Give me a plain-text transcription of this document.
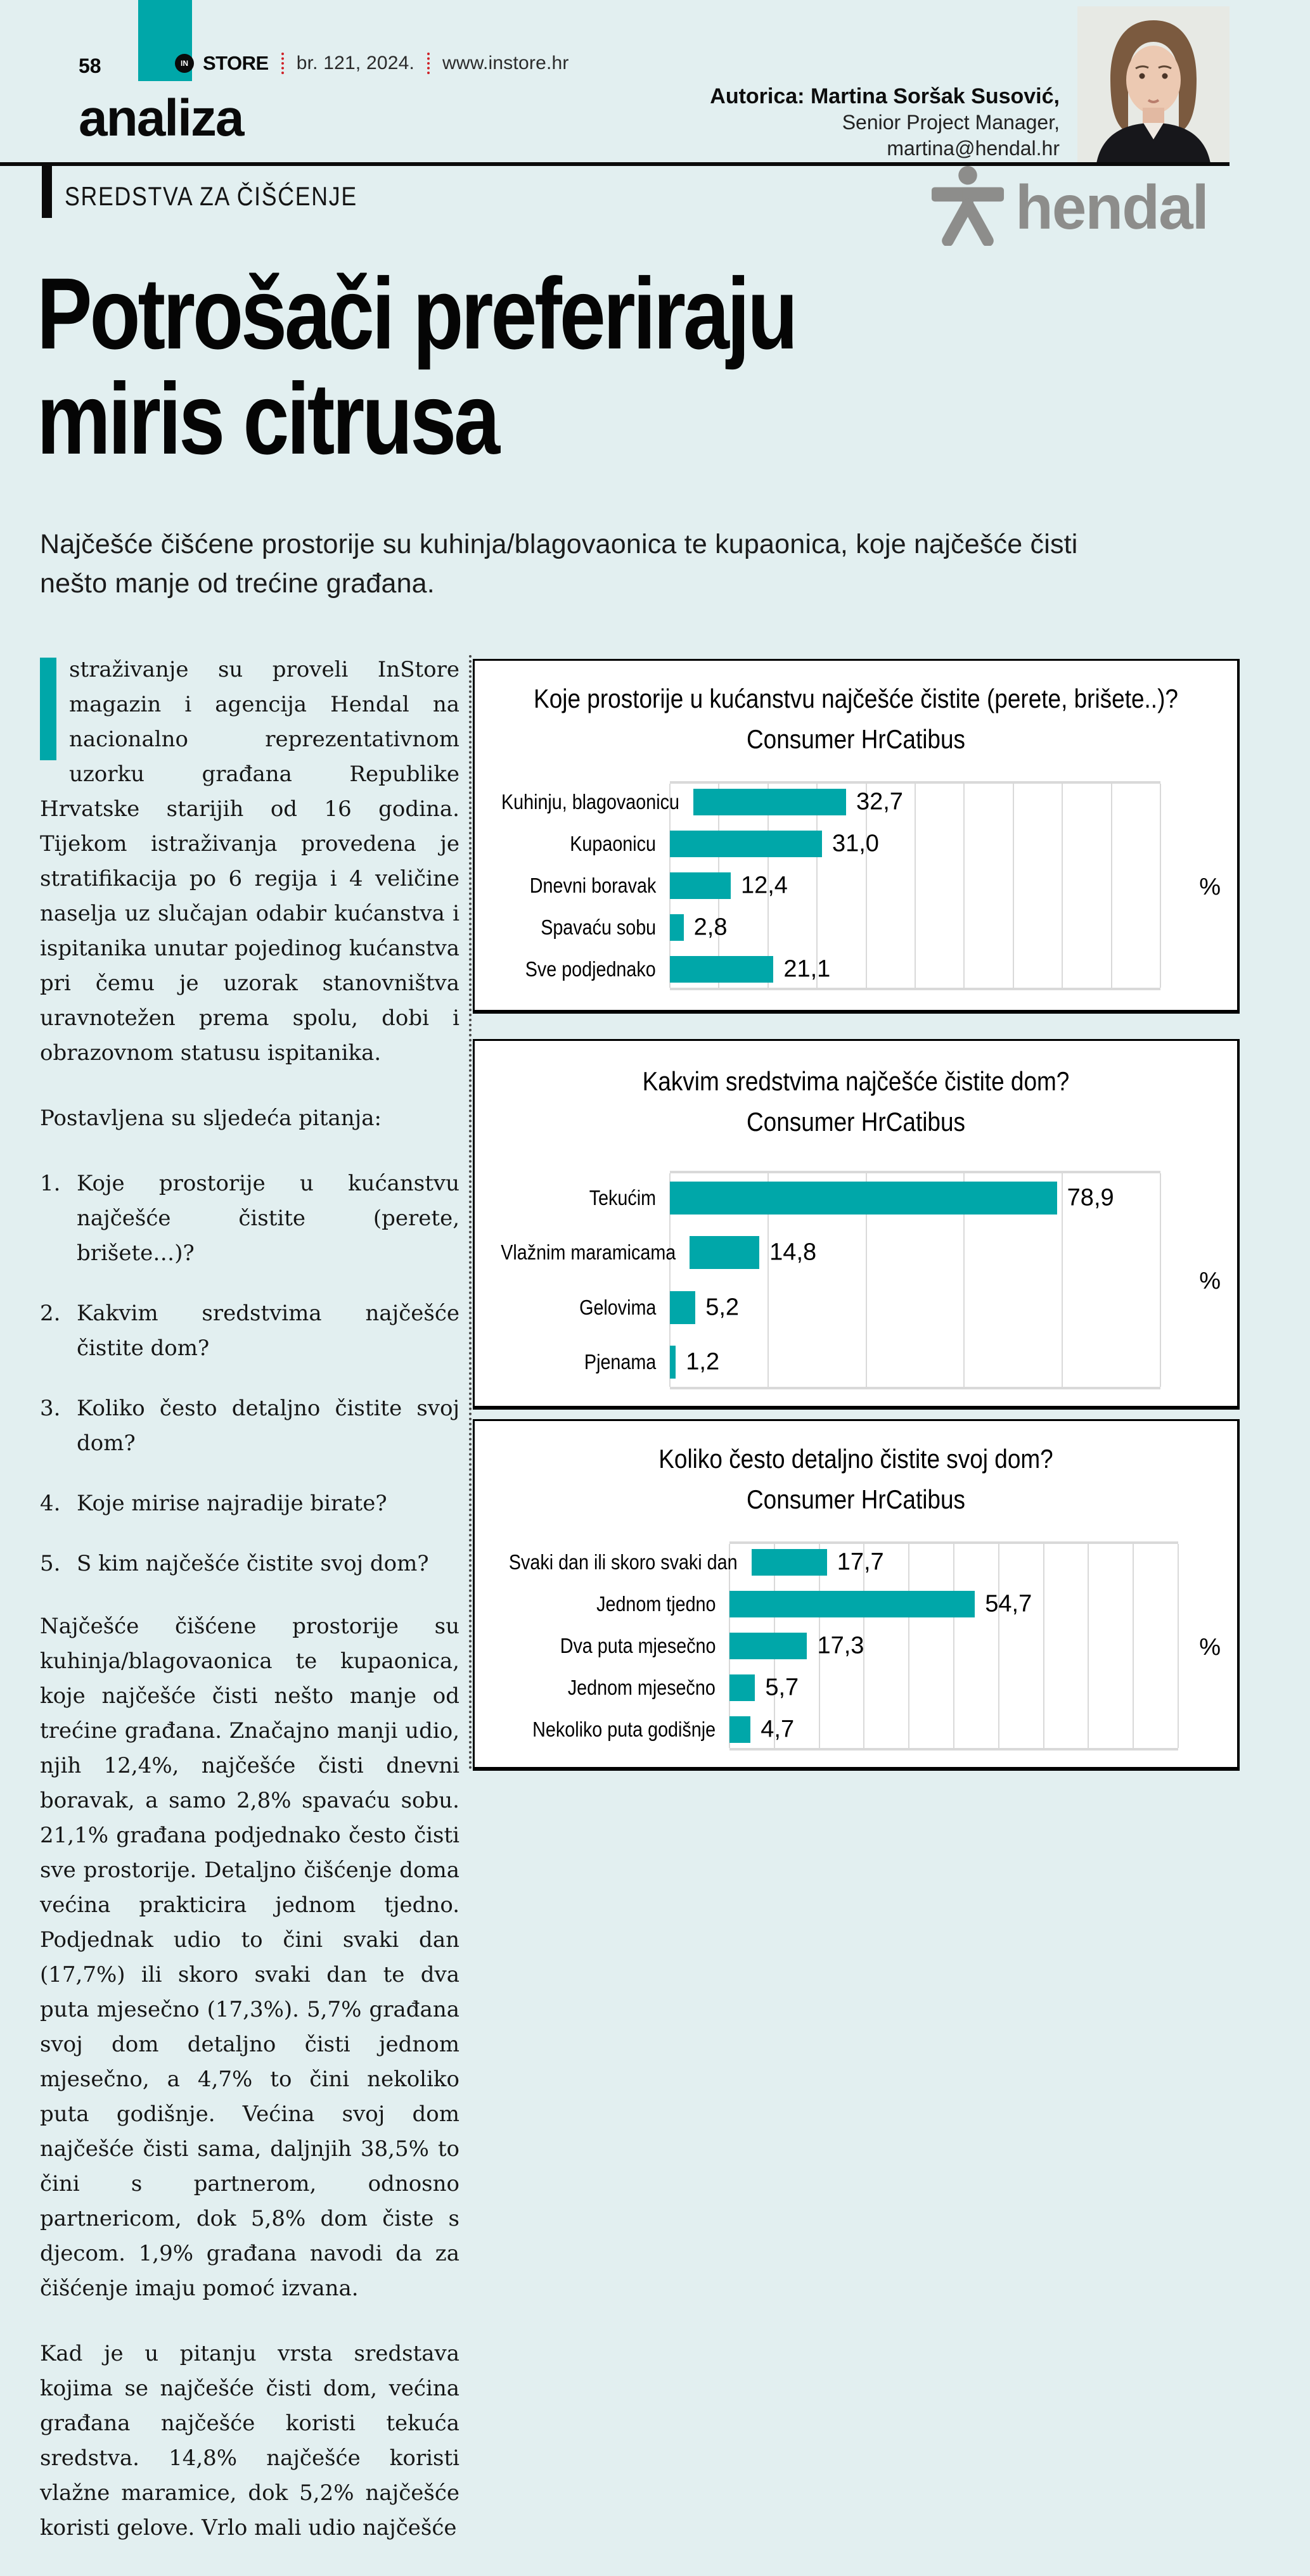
58	IN STORE br. 121, 2024. www.instore.hr
analiza	Autorica: Martina Soršak Susović,
Senior Project Manager,
martina@hendal.hr
SREDSTVA ZA ČIŠĆENJE	hendal
Potrošači preferiraju
miris citrusa
Najčešće čišćene prostorije su kuhinja/blagovaonica te kupaonica, koje najčešće čisti nešto manje od trećine građana.

straživanje su proveli InStore magazin i agencija Hendal na nacionalno reprezentativnom uzorku građana Republike Hrvatske starijih od 16 godina. Tijekom istraživanja provedena je stratifikacija po 6 regija i 4 veličine naselja uz slučajan odabir kućanstva i ispitanika unutar pojedinog kućanstva pri čemu je uzorak stanovništva uravnotežen prema spolu, dobi i obrazovnom statusu ispitanika.

Postavljena su sljedeća pitanja:

1. Koje prostorije u kućanstvu najčešće čistite (perete, brišete…)?
2. Kakvim sredstvima najčešće čistite dom?
3. Koliko često detaljno čistite svoj dom?
4. Koje mirise najradije birate?
5. S kim najčešće čistite svoj dom?

Najčešće čišćene prostorije su kuhinja/blagovaonica te kupaonica, koje najčešće čisti nešto manje od trećine građana. Značajno manji udio, njih 12,4%, najčešće čisti dnevni boravak, a samo 2,8% spavaću sobu. 21,1% građana podjednako često čisti sve prostorije. Detaljno čišćenje doma većina prakticira jednom tjedno. Podjednak udio to čini svaki dan (17,7%) ili skoro svaki dan te dva puta mjesečno (17,3%). 5,7% građana svoj dom detaljno čisti jednom mjesečno, a 4,7% to čini nekoliko puta godišnje. Većina svoj dom najčešće čisti sama, daljnjih 38,5% to čini s partnerom, odnosno partnericom, dok 5,8% dom čiste s djecom. 1,9% građana navodi da za čišćenje imaju pomoć izvana.

Kad je u pitanju vrsta sredstava kojima se najčešće čisti dom, većina građana najčešće koristi tekuća sredstva. 14,8% najčešće koristi vlažne maramice, dok 5,2% najčešće koristi gelove. Vrlo mali udio najčešće

Koje prostorije u kućanstvu najčešće čistite (perete, brišete..)?
Consumer HrCatibus
Kuhinju, blagovaonicu	32,7
Kupaonicu	31,0
Dnevni boravak	12,4
Spavaću sobu 2,8
Sve podjednako	21,1
%
Kakvim sredstvima najčešće čistite dom?
Consumer HrCatibus
Tekućim	78,9
Vlažnim maramicama	14,8
Gelovima 5,2
Pjenama 1,2
%
Koliko često detaljno čistite svoj dom?
Consumer HrCatibus
Svaki dan ili skoro svaki dan	17,7
Jednom tjedno	54,7
Dva puta mjesečno	17,3
Jednom mjesečno 5,7
Nekoliko puta godišnje 4,7
%
